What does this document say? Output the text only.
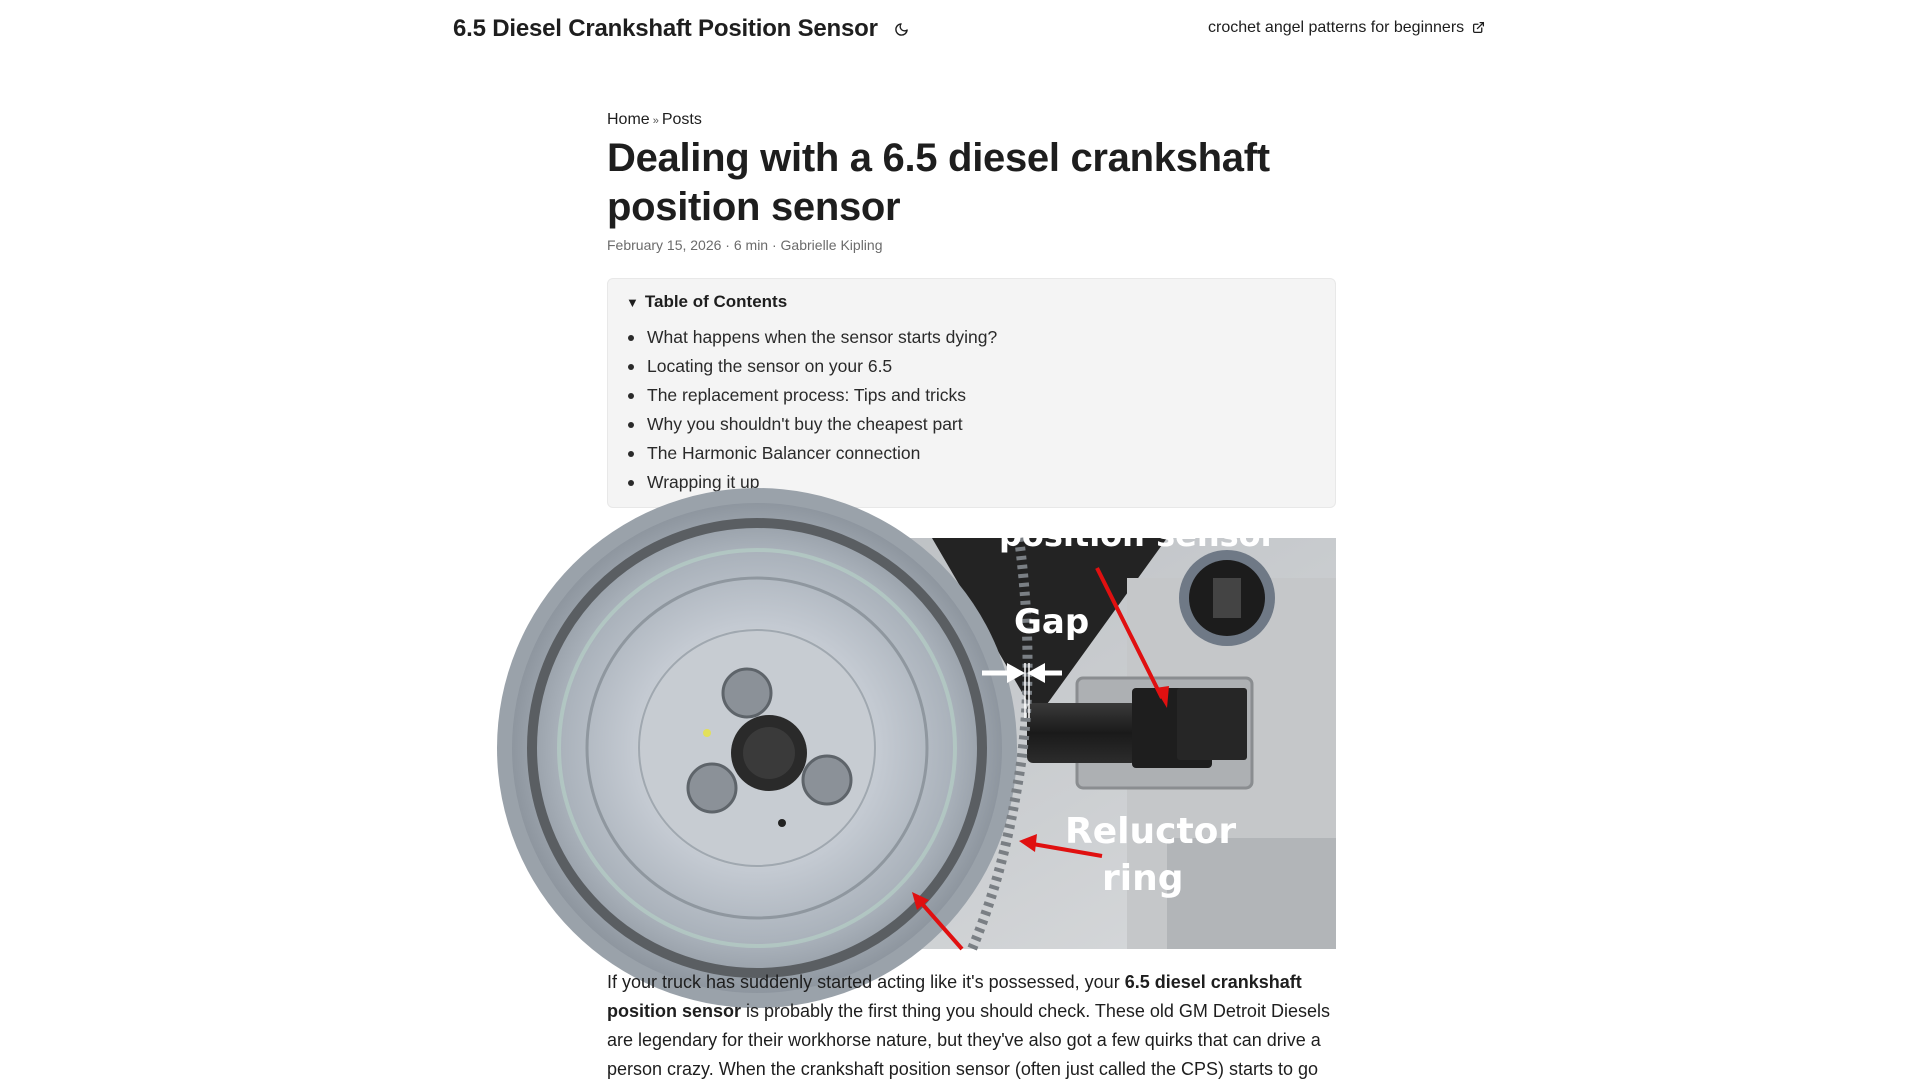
6.5 Diesel Crankshaft Position Sensor	crochet angel patterns for beginners
Home » Posts
Dealing with a 6.5 diesel crankshaft position sensor
February 15, 2026 · 6 min · Gabrielle Kipling
▼ Table of Contents
What happens when the sensor starts dying?
Locating the sensor on your 6.5
The replacement process: Tips and tricks
Why you shouldn't buy the cheapest part
The Harmonic Balancer connection
Wrapping it up
position sensor
Gap
Reluctor
ring

If your truck has suddenly started acting like it's possessed, your 6.5 diesel crankshaft position sensor is probably the first thing you should check. These old GM Detroit Diesels are legendary for their workhorse nature, but they've also got a few quirks that can drive a person crazy. When the crankshaft position sensor (often just called the CPS) starts to go
